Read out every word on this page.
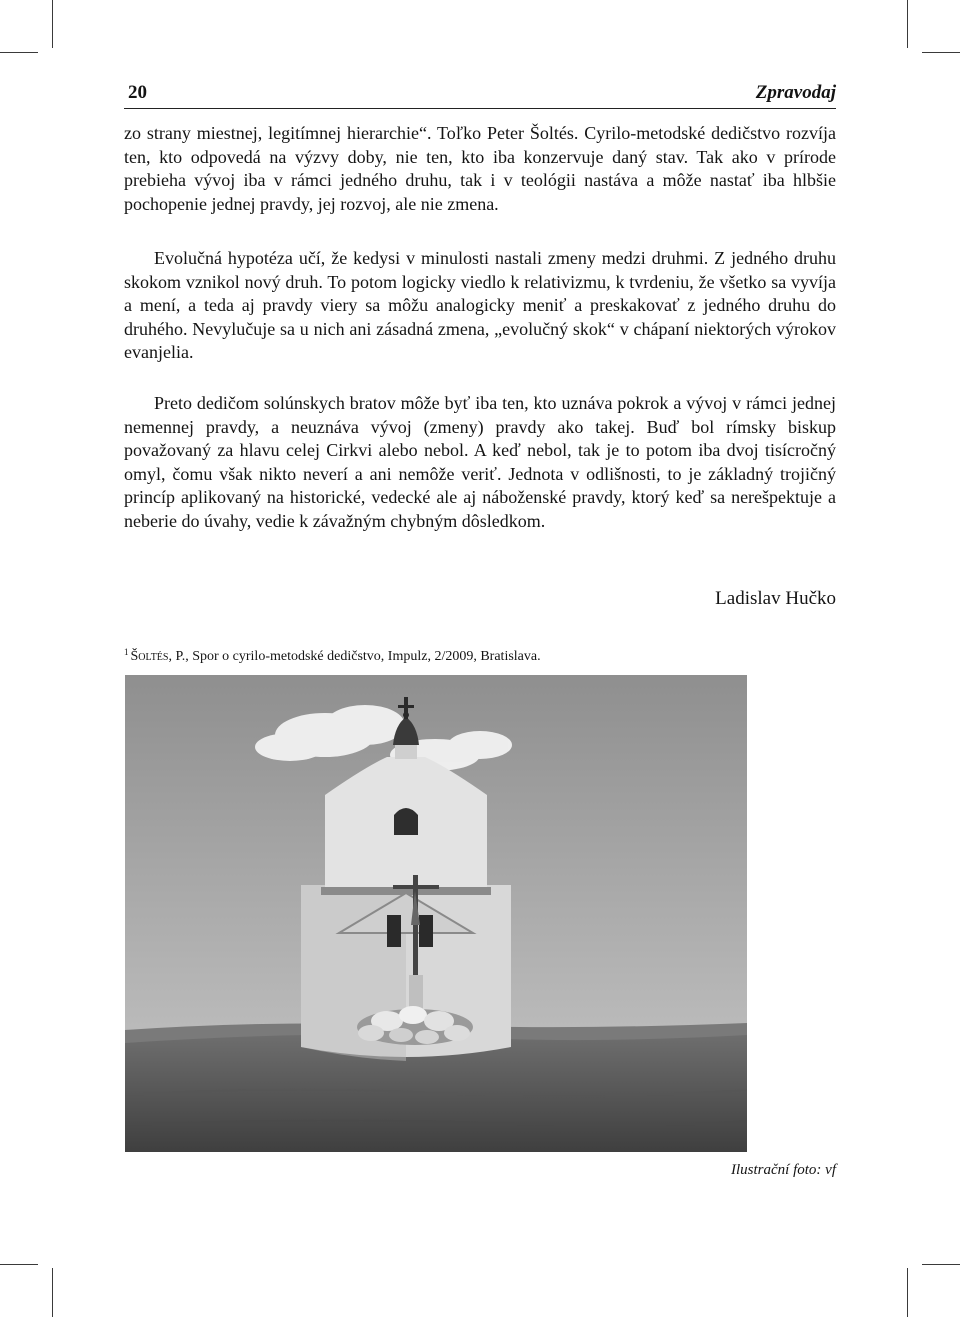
20	Zpravodaj

zo strany miestnej, legitímnej hierarchie“. Toľko Peter Šoltés. Cyrilo-metodské dedičstvo rozvíja ten, kto odpovedá na výzvy doby, nie ten, kto iba konzervuje daný stav. Tak ako v prírode prebieha vývoj iba v rámci jedného druhu, tak i v teológii nastáva a môže nastať iba hlbšie pochopenie jednej pravdy, jej rozvoj, ale nie zmena.

Evolučná hypotéza učí, že kedysi v minulosti nastali zmeny medzi druhmi. Z jedného druhu skokom vznikol nový druh. To potom logicky viedlo k relativizmu, k tvrdeniu, že všetko sa vyvíja a mení, a teda aj pravdy viery sa môžu analogicky meniť a preskakovať z jedného druhu do druhého. Nevylučuje sa u nich ani zásadná zmena, „evolučný skok“ v chápaní niektorých výrokov evanjelia.

Preto dedičom solúnskych bratov môže byť iba ten, kto uznáva pokrok a vývoj v rámci jednej nemennej pravdy, a neuznáva vývoj (zmeny) pravdy ako takej. Buď bol rímsky biskup považovaný za hlavu celej Cirkvi alebo nebol. A keď nebol, tak je to potom iba dvoj tisícročný omyl, čomu však nikto neverí a ani nemôže veriť. Jednota v odlišnosti, to je základný trojičný princíp aplikovaný na historické, vedecké ale aj náboženské pravdy, ktorý keď sa nerešpektuje a neberie do úvahy, vedie k závažným chybným dôsledkom.

Ladislav Hučko
$^1$ Šoltés, P., Spor o cyrilo-metodské dedičstvo, Impulz, 2/2009, Bratislava.
Ilustrační foto: vf
